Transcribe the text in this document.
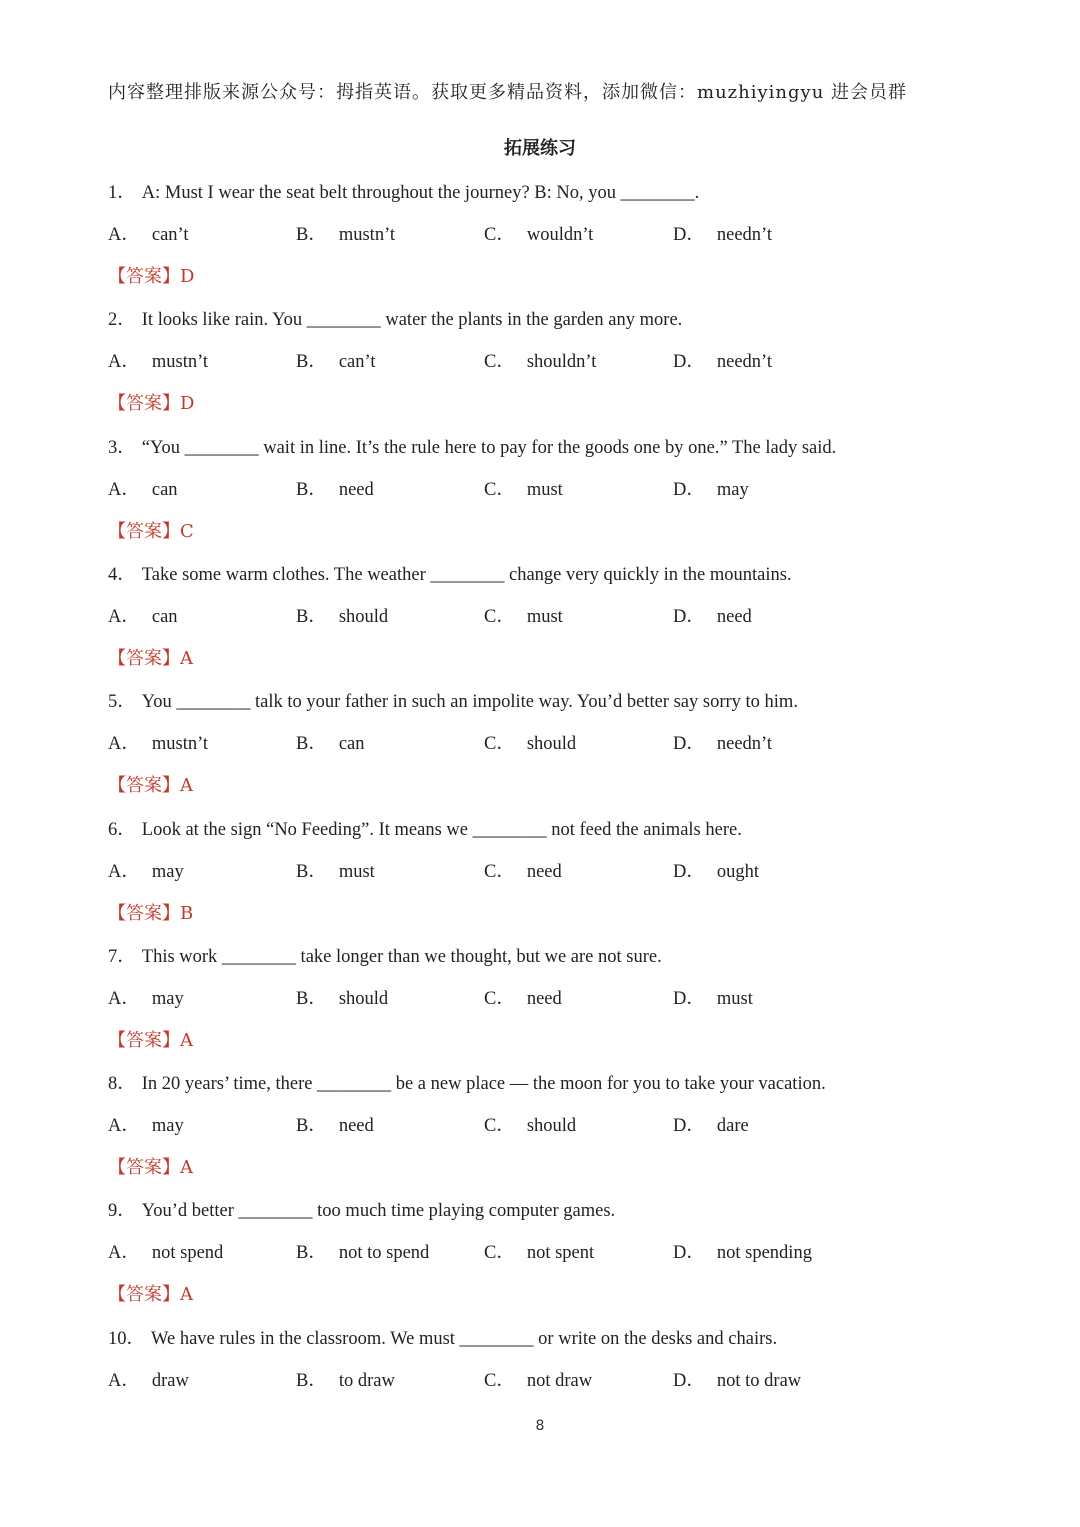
内容整理排版来源公众号：拇指英语。获取更多精品资料，添加微信：muzhiyingyu 进会员群
拓展练习
1． A: Must I wear the seat belt throughout the journey? B: No, you ________.
A． can’t	B． mustn’t	C． wouldn’t	D． needn’t
【答案】D
2． It looks like rain. You ________ water the plants in the garden any more.
A． mustn’t	B． can’t	C． shouldn’t	D． needn’t
【答案】D
3． “You ________ wait in line. It’s the rule here to pay for the goods one by one.” The lady said.
A． can	B． need	C． must	D． may
【答案】C
4． Take some warm clothes. The weather ________ change very quickly in the mountains.
A． can	B． should	C． must	D． need
【答案】A
5． You ________ talk to your father in such an impolite way. You’d better say sorry to him.
A． mustn’t	B． can	C． should	D． needn’t
【答案】A
6． Look at the sign “No Feeding”. It means we ________ not feed the animals here.
A． may	B． must	C． need	D． ought
【答案】B
7． This work ________ take longer than we thought, but we are not sure.
A． may	B． should	C． need	D． must
【答案】A
8． In 20 years’ time, there ________ be a new place — the moon for you to take your vacation.
A． may	B． need	C． should	D． dare
【答案】A
9． You’d better ________ too much time playing computer games.
A． not spend	B． not to spend	C． not spent	D． not spending
【答案】A
10． We have rules in the classroom. We must ________ or write on the desks and chairs.
A． draw	B． to draw	C． not draw	D． not to draw
8
